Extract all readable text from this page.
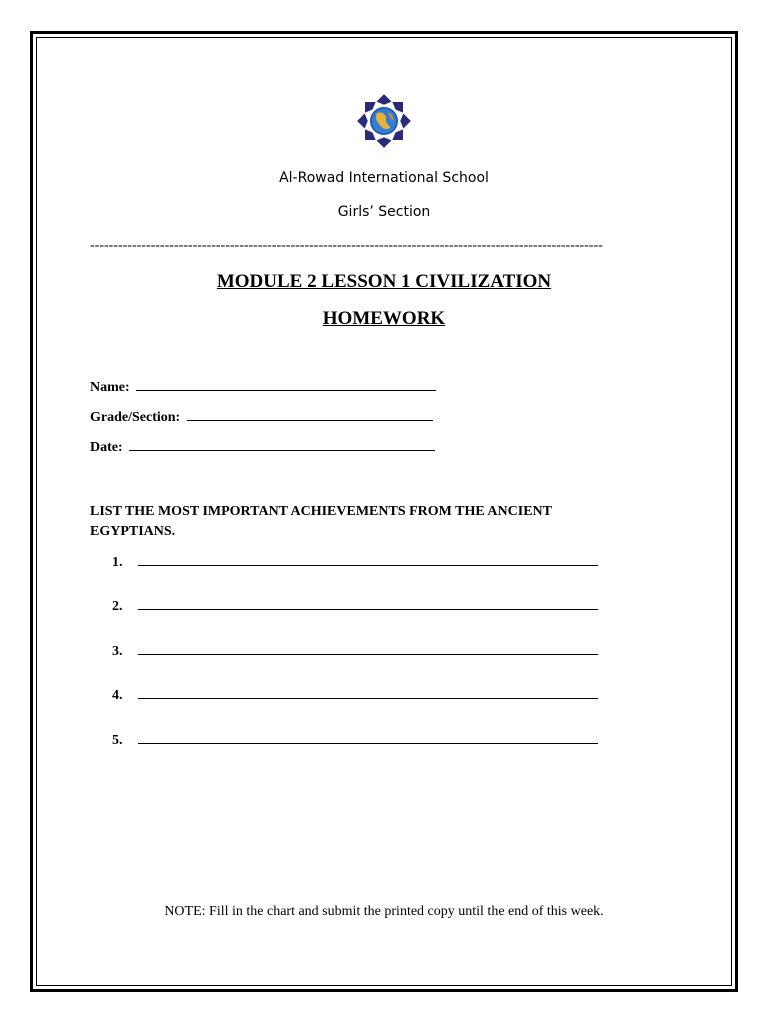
Al-Rowad International School
Girls’ Section
--------------------------------------------------------------------------------------------------------------
MODULE 2 LESSON 1 CIVILIZATION
HOMEWORK
Name:
Grade/Section:
Date:
LIST THE MOST IMPORTANT ACHIEVEMENTS FROM THE ANCIENT EGYPTIANS.
1.
2.
3.
4.
5.
NOTE: Fill in the chart and submit the printed copy until the end of this week.
